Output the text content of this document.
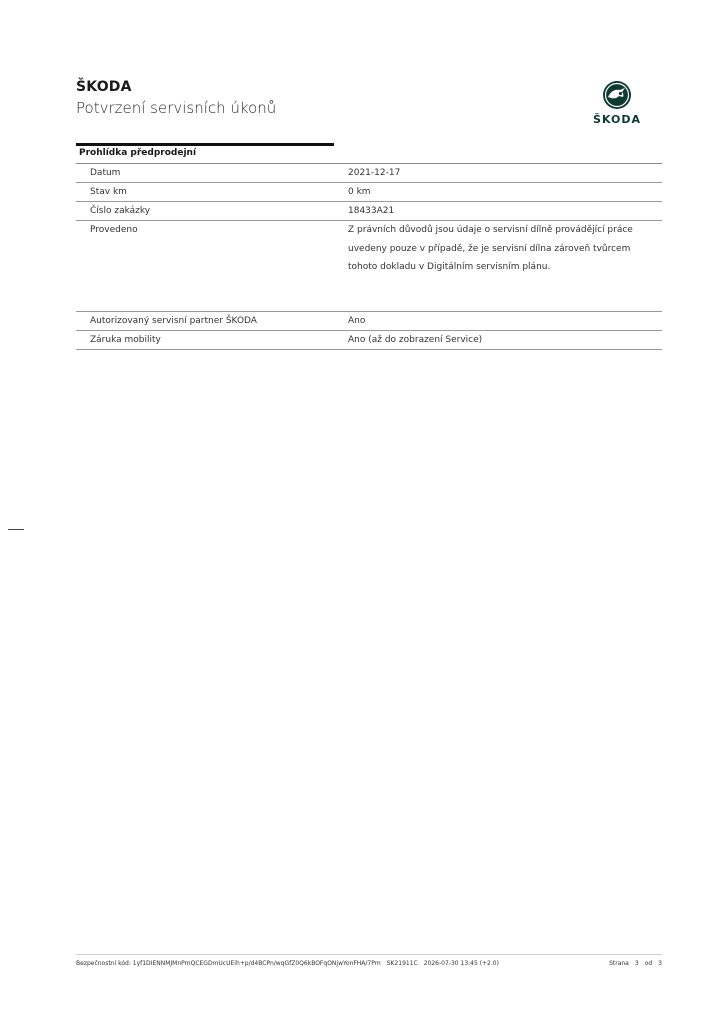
ŠKODA
Potvrzení servisních úkonů
ŠKODA
Prohlídka předprodejní
Datum	2021-12-17
Stav km	0 km
Číslo zakázky	18433A21
Provedeno	Z právních důvodů jsou údaje o servisní dílně provádějící práce uvedeny pouze v případě, že je servisní dílna zároveň tvůrcem tohoto dokladu v Digitálním servisním plánu.
Autorizovaný servisní partner ŠKODA	Ano
Záruka mobility	Ano (až do zobrazení Service)
Bezpečnostní kód: 1yf1DIENNMJMnPmQCEGDmUcUEih+p/d4BCPn/wqGfZ0Q6kBOFqONjwYonFHA/7Pm SK21911C 2026-07-30 13:45 (+2.0)	Strana 3 od 3
